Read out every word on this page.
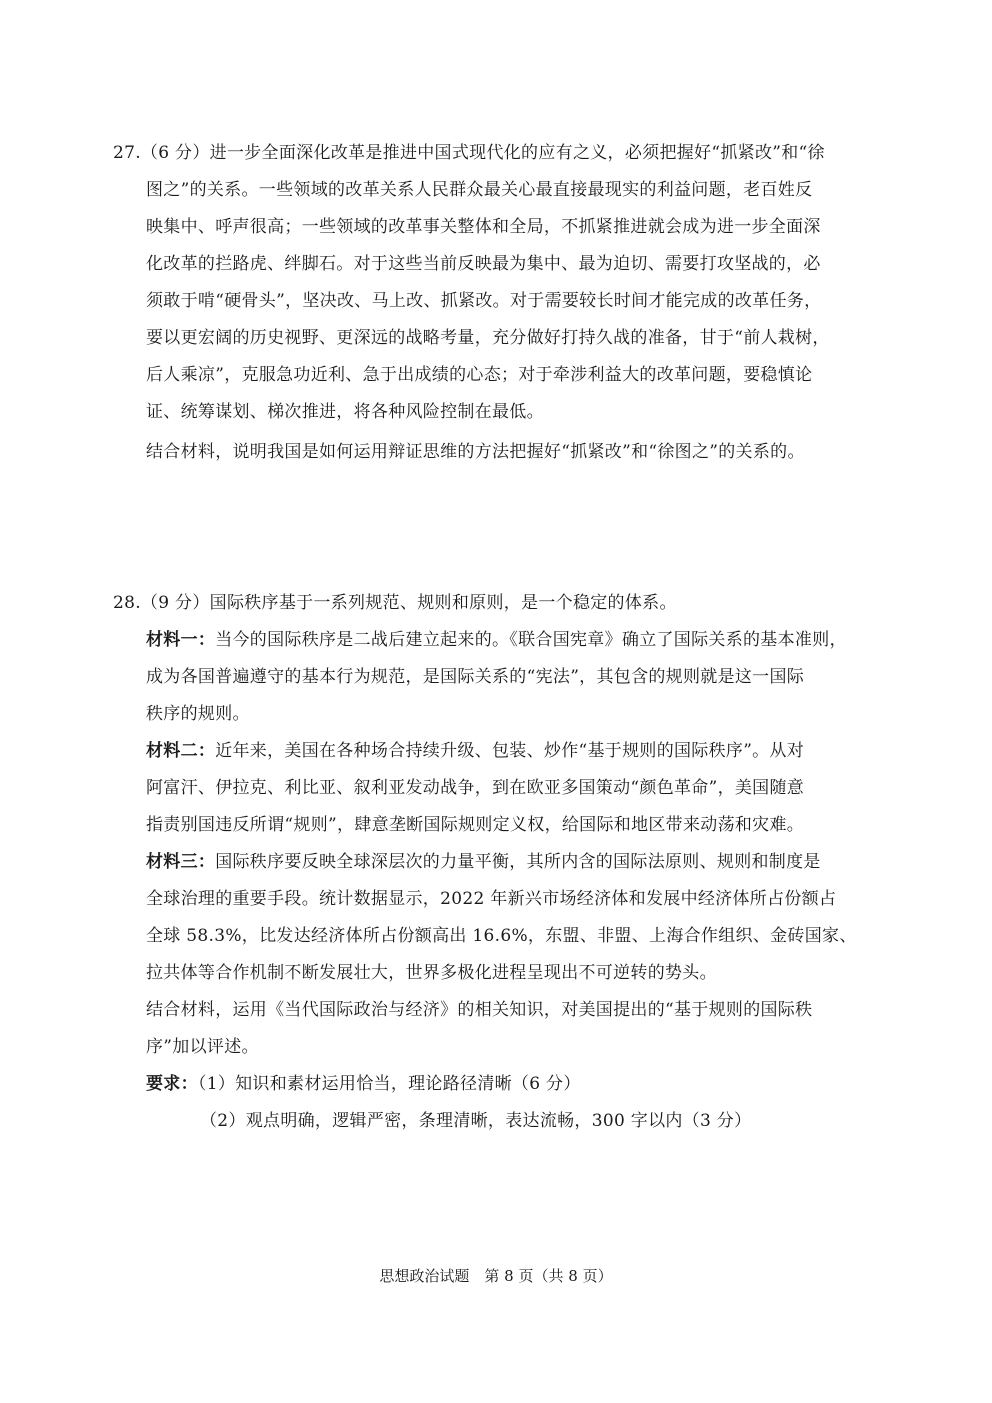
27.（6 分）进一步全面深化改革是推进中国式现代化的应有之义，必须把握好“抓紧改”和“徐
图之”的关系。一些领域的改革关系人民群众最关心最直接最现实的利益问题，老百姓反
映集中、呼声很高；一些领域的改革事关整体和全局，不抓紧推进就会成为进一步全面深
化改革的拦路虎、绊脚石。对于这些当前反映最为集中、最为迫切、需要打攻坚战的，必
须敢于啃“硬骨头”，坚决改、马上改、抓紧改。对于需要较长时间才能完成的改革任务，
要以更宏阔的历史视野、更深远的战略考量，充分做好打持久战的准备，甘于“前人栽树，
后人乘凉”，克服急功近利、急于出成绩的心态；对于牵涉利益大的改革问题，要稳慎论
证、统筹谋划、梯次推进，将各种风险控制在最低。
结合材料，说明我国是如何运用辩证思维的方法把握好“抓紧改”和“徐图之”的关系的。
28.（9 分）国际秩序基于一系列规范、规则和原则，是一个稳定的体系。
材料一：当今的国际秩序是二战后建立起来的。《联合国宪章》确立了国际关系的基本准则，
成为各国普遍遵守的基本行为规范，是国际关系的“宪法”，其包含的规则就是这一国际
秩序的规则。
材料二：近年来，美国在各种场合持续升级、包装、炒作“基于规则的国际秩序”。从对
阿富汗、伊拉克、利比亚、叙利亚发动战争，到在欧亚多国策动“颜色革命”，美国随意
指责别国违反所谓“规则”，肆意垄断国际规则定义权，给国际和地区带来动荡和灾难。
材料三：国际秩序要反映全球深层次的力量平衡，其所内含的国际法原则、规则和制度是
全球治理的重要手段。统计数据显示，2022 年新兴市场经济体和发展中经济体所占份额占
全球 58.3%，比发达经济体所占份额高出 16.6%，东盟、非盟、上海合作组织、金砖国家、
拉共体等合作机制不断发展壮大，世界多极化进程呈现出不可逆转的势头。
结合材料，运用《当代国际政治与经济》的相关知识，对美国提出的“基于规则的国际秩
序”加以评述。
要求：（1）知识和素材运用恰当，理论路径清晰（6 分）
（2）观点明确，逻辑严密，条理清晰，表达流畅，300 字以内（3 分）
思想政治试题　第 8 页（共 8 页）
